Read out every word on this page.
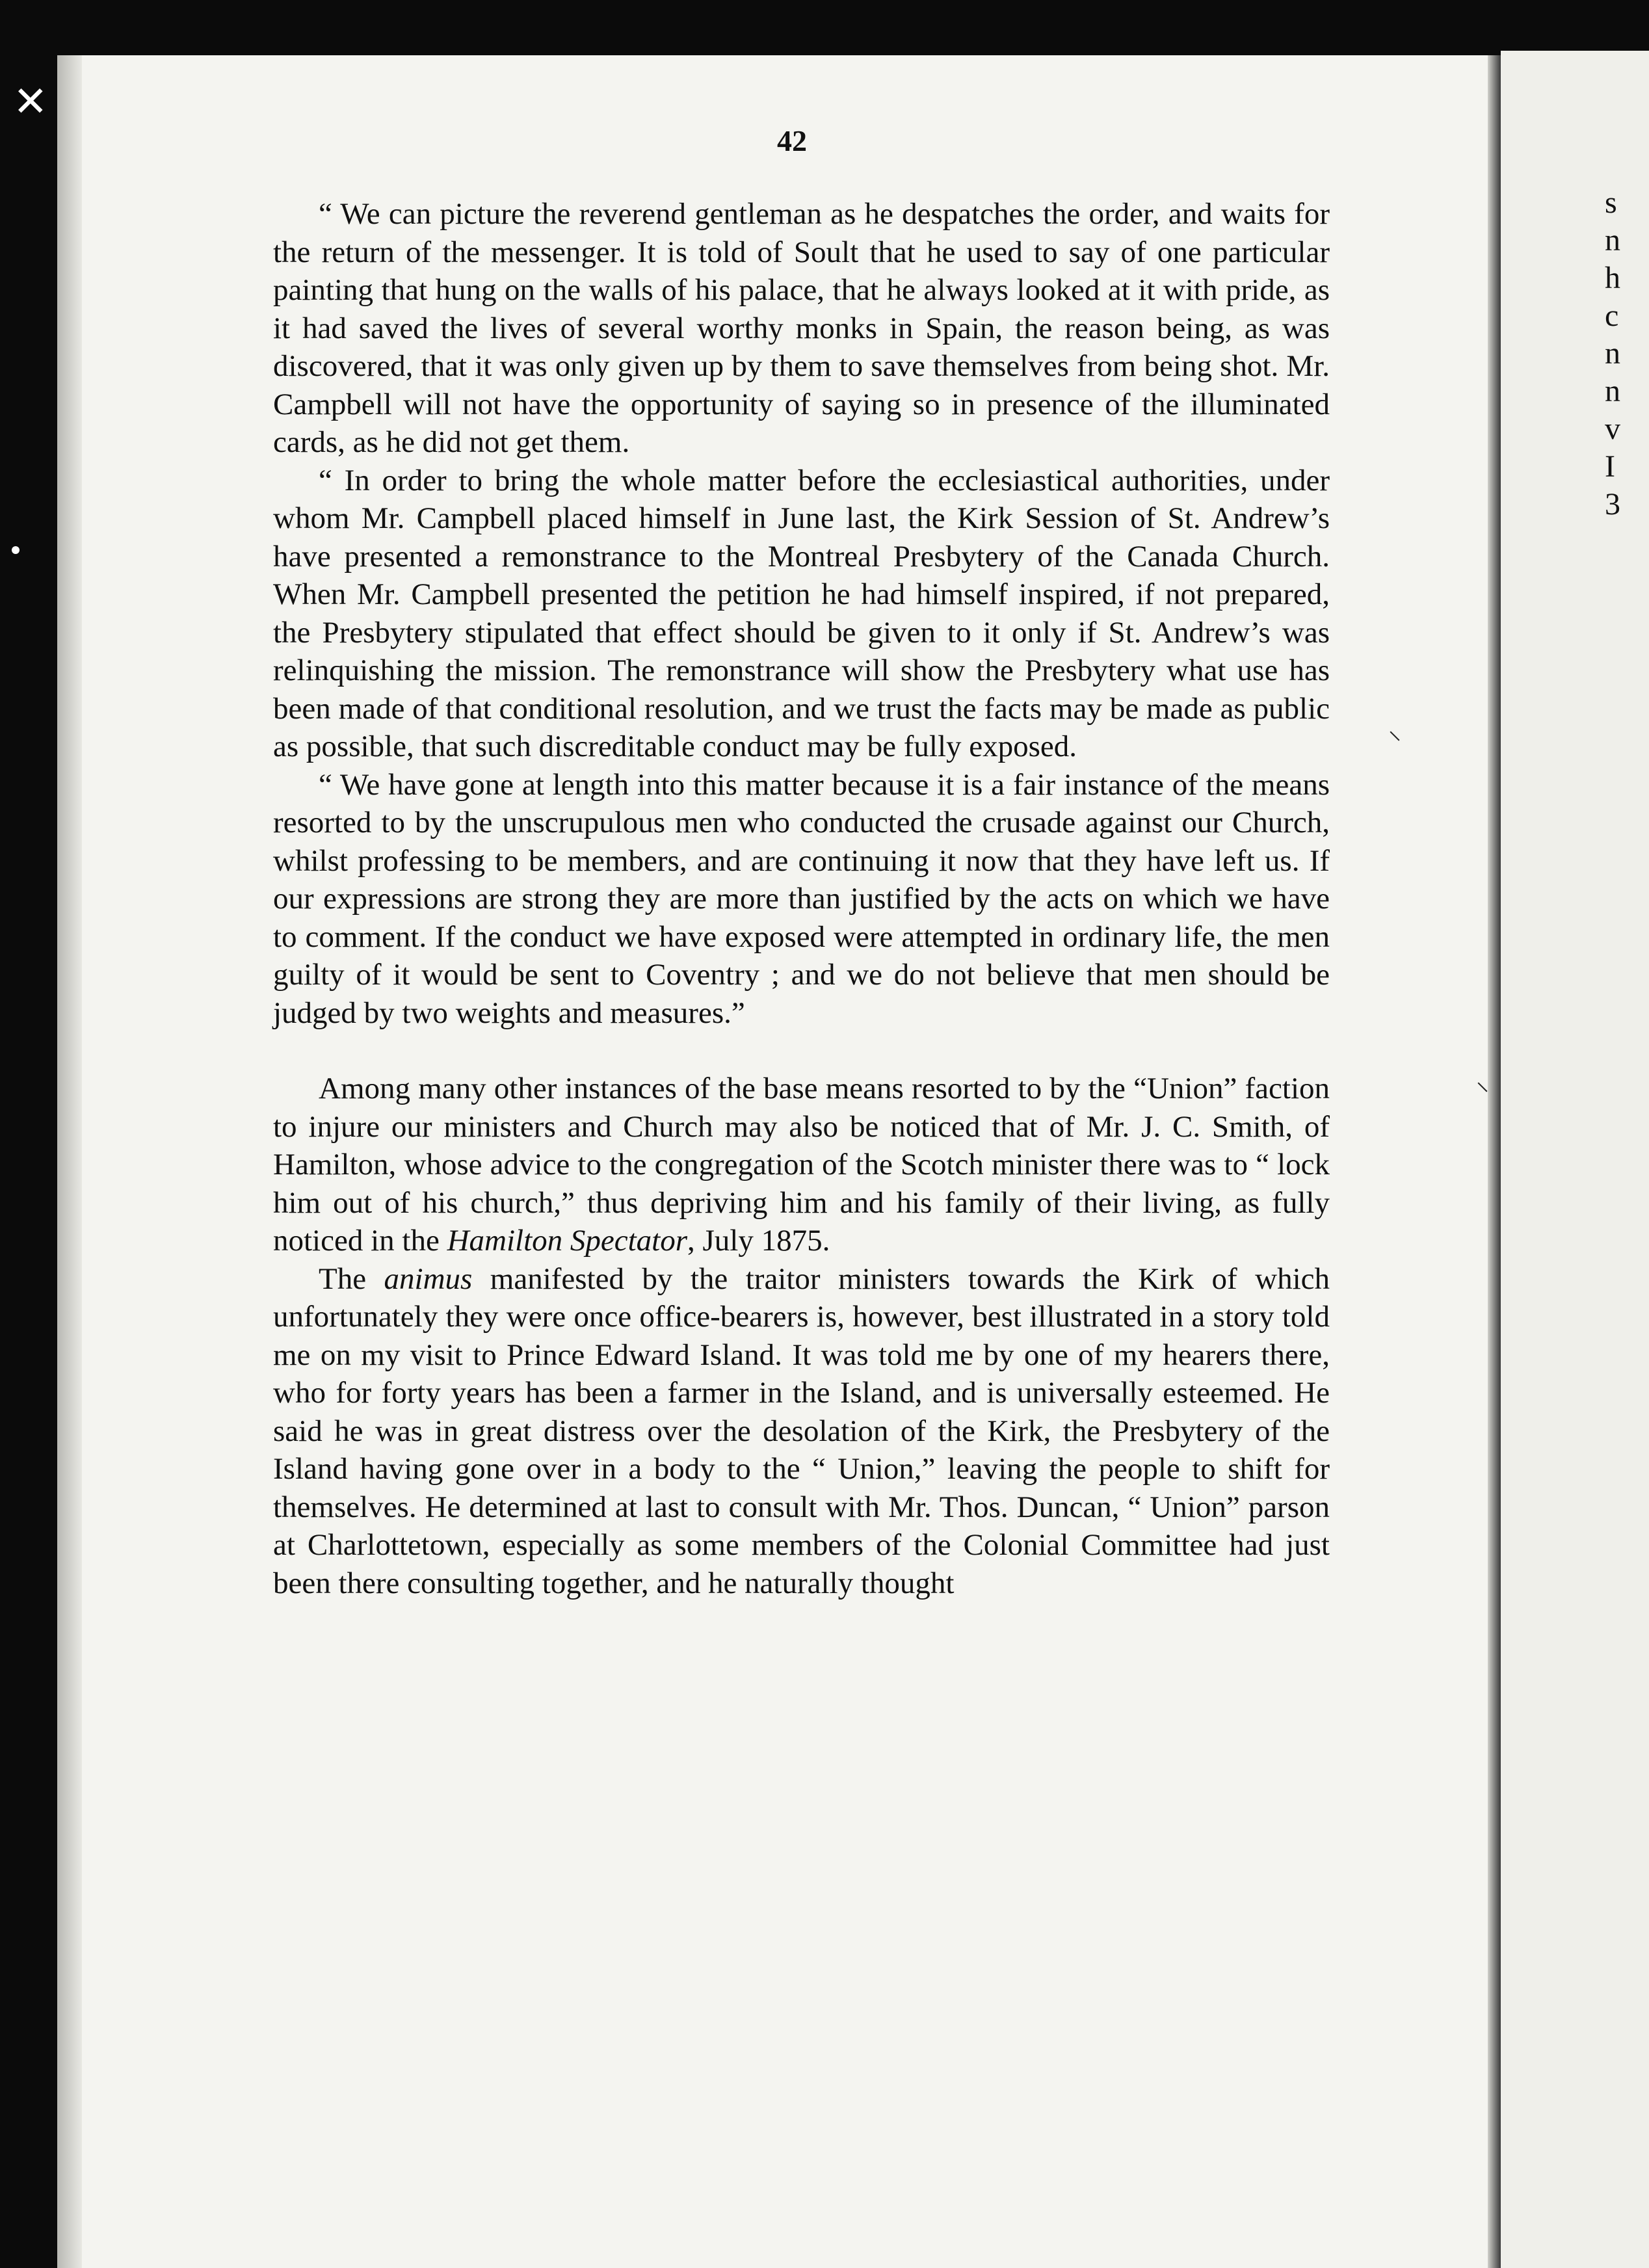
✕
s
n
h
c
n
n
v
I
3
42

“ We can picture the reverend gentleman as he despatches the order, and waits for the return of the messenger. It is told of Soult that he used to say of one particular painting that hung on the walls of his palace, that he always looked at it with pride, as it had saved the lives of several worthy monks in Spain, the reason being, as was discovered, that it was only given up by them to save themselves from being shot. Mr. Campbell will not have the opportunity of saying so in presence of the illuminated cards, as he did not get them.

“ In order to bring the whole matter before the ecclesiastical authorities, under whom Mr. Campbell placed himself in June last, the Kirk Session of St. Andrew’s have presented a remonstrance to the Montreal Presbytery of the Canada Church. When Mr. Campbell presented the petition he had himself inspired, if not prepared, the Presbytery stipulated that effect should be given to it only if St. Andrew’s was relinquishing the mission. The remonstrance will show the Presbytery what use has been made of that conditional resolution, and we trust the facts may be made as public as possible, that such discreditable conduct may be fully exposed.

“ We have gone at length into this matter because it is a fair instance of the means resorted to by the unscrupulous men who conducted the crusade against our Church, whilst professing to be members, and are continuing it now that they have left us. If our expressions are strong they are more than justified by the acts on which we have to comment. If the conduct we have exposed were attempted in ordinary life, the men guilty of it would be sent to Coventry ; and we do not believe that men should be judged by two weights and measures.”

Among many other instances of the base means resorted to by the “Union” faction to injure our ministers and Church may also be noticed that of Mr. J. C. Smith, of Hamilton, whose advice to the congregation of the Scotch minister there was to “ lock him out of his church,” thus depriving him and his family of their living, as fully noticed in the Hamilton Spectator, July 1875.

The animus manifested by the traitor ministers towards the Kirk of which unfortunately they were once office-bearers is, however, best illustrated in a story told me on my visit to Prince Edward Island. It was told me by one of my hearers there, who for forty years has been a farmer in the Island, and is universally esteemed. He said he was in great distress over the desolation of the Kirk, the Presbytery of the Island having gone over in a body to the “ Union,” leaving the people to shift for themselves. He determined at last to consult with Mr. Thos. Duncan, “ Union” parson at Charlottetown, especially as some members of the Colonial Committee had just been there consulting together, and he naturally thought

⸌
⸌
